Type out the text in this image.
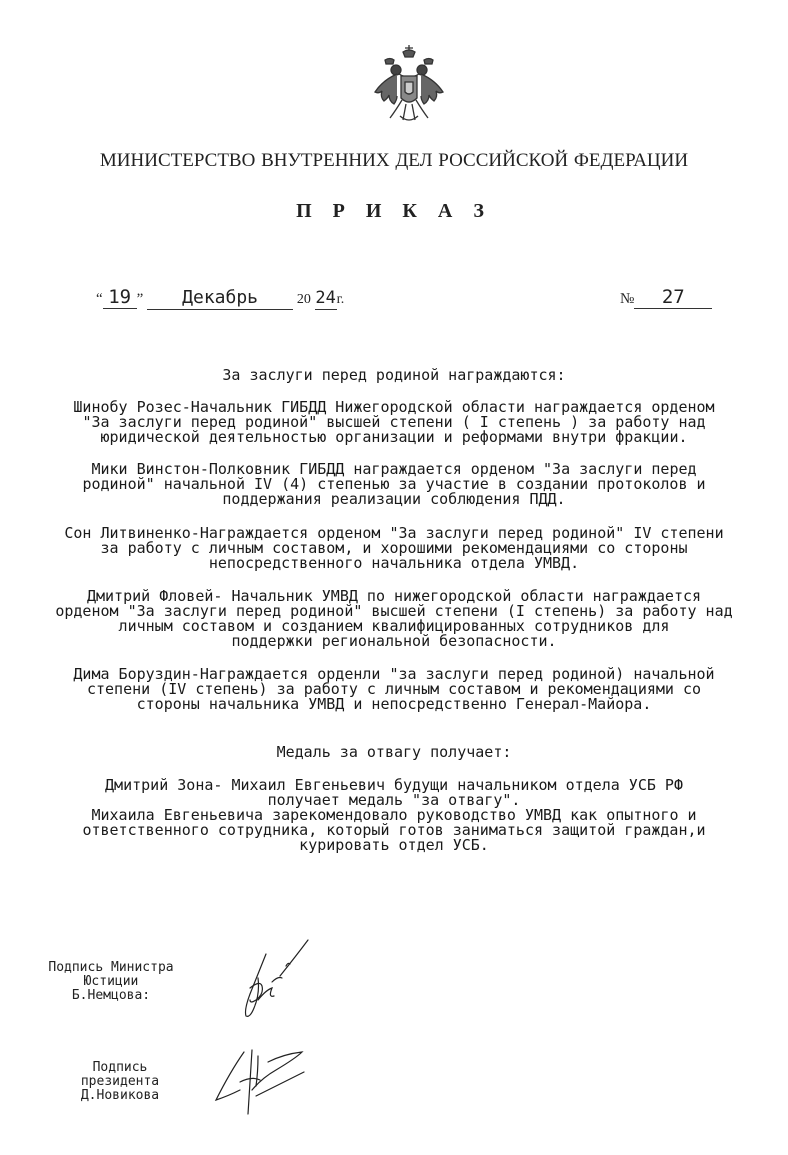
МИНИСТЕРСТВО ВНУТРЕННИХ ДЕЛ РОССИЙСКОЙ ФЕДЕРАЦИИ
П Р И К А З
“ 19 ” Декабрь	20 24г.	№ 27

За заслуги перед родиной награждаются:

Шинобу Розес-Начальник ГИБДД Нижегородской области награждается орденом
"За заслуги перед родиной" высшей степени ( I степень ) за работу над
юридической деятельностью организации и реформами внутри фракции.

Мики Винстон-Полковник ГИБДД награждается орденом "За заслуги перед
родиной" начальной IV (4) степенью за участие в создании протоколов и
поддержания реализации соблюдения ПДД.

Сон Литвиненко-Награждается орденом "За заслуги перед родиной" IV степени
за работу с личным составом, и хорошими рекомендациями со стороны
непосредственного начальника отдела УМВД.

Дмитрий Фловей- Начальник УМВД по нижегородской области награждается
орденом "За заслуги перед родиной" высшей степени (I степень) за работу над
личным составом и созданием квалифицированных сотрудников для
поддержки региональной безопасности.

Дима Боруздин-Награждается орденли "за заслуги перед родиной) начальной
степени (IV степень) за работу с личным составом и рекомендациями со
стороны начальника УМВД и непосредственно Генерал-Майора.

Медаль за отвагу получает:

Дмитрий Зона- Михаил Евгеньевич будущи начальником отдела УСБ РФ
получает медаль "за отвагу".
Михаила Евгеньевича зарекомендовало руководство УМВД как опытного и
ответственного сотрудника, который готов заниматься защитой граждан,и
курировать отдел УСБ.

Подпись Министра
Юстиции
Б.Немцова:
Подпись
президента
Д.Новикова
